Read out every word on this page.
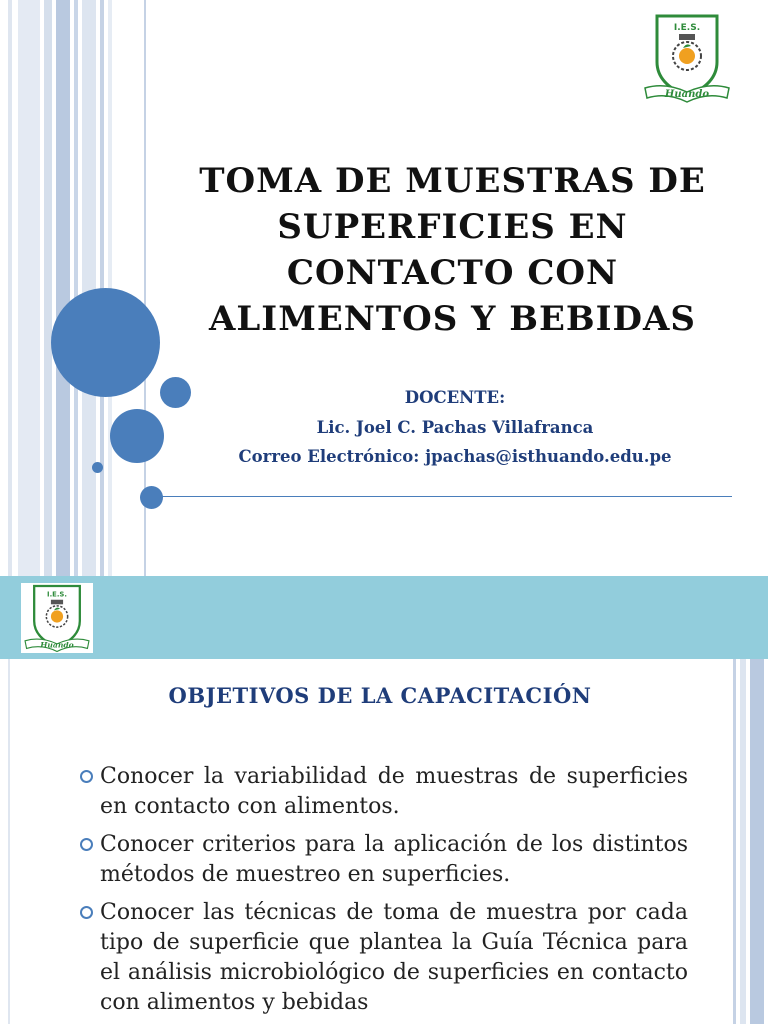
I.E.S.
Huando
TOMA DE MUESTRAS DE
SUPERFICIES EN
CONTACTO CON
ALIMENTOS Y BEBIDAS
DOCENTE:
Lic. Joel C. Pachas Villafranca
Correo Electrónico: jpachas@isthuando.edu.pe
I.E.S.
Huando
OBJETIVOS DE LA CAPACITACIÓN
Conocer la variabilidad de muestras de superficies en contacto con alimentos.
Conocer criterios para la aplicación de los distintos métodos de muestreo en superficies.
Conocer las técnicas de toma de muestra por cada tipo de superficie que plantea la Guía Técnica para el análisis microbiológico de superficies en contacto con alimentos y bebidas
